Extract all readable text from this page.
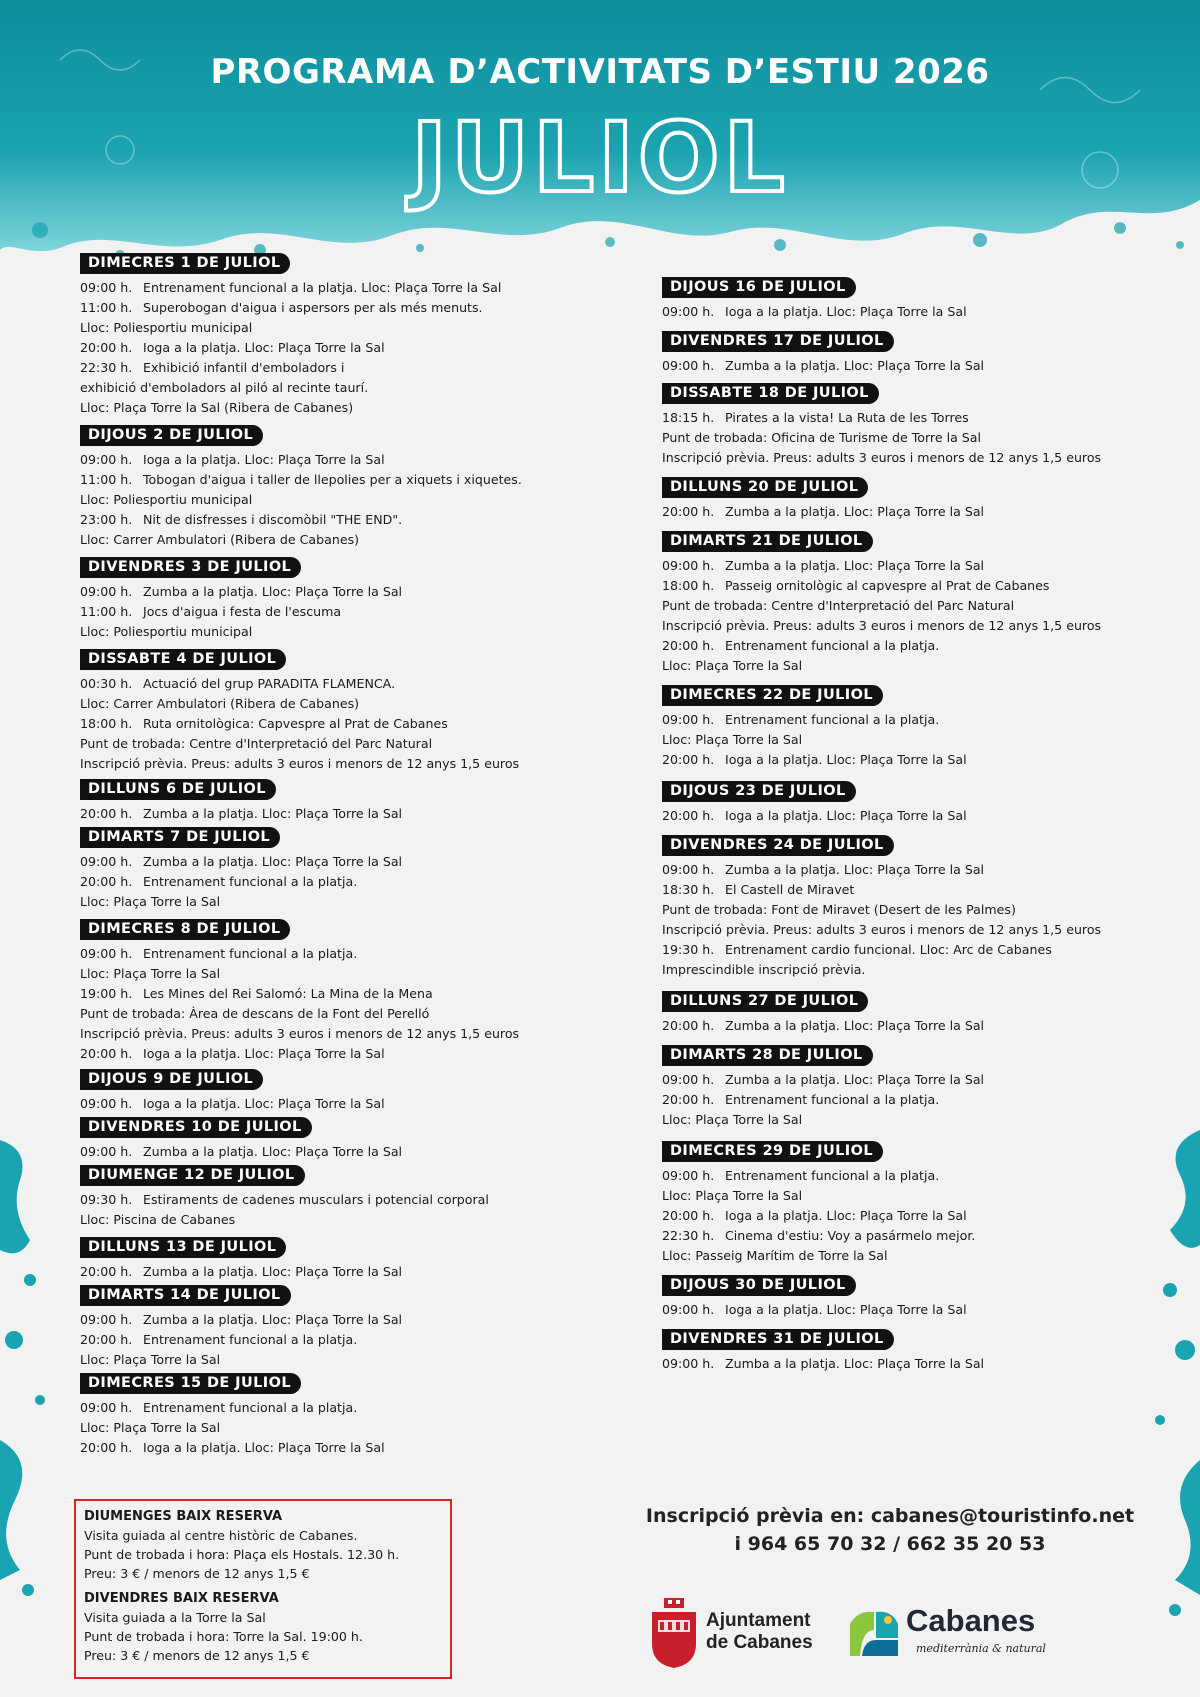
PROGRAMA D’ACTIVITATS D’ESTIU 2026
JULIOL
DIMECRES 1 DE JULIOL
09:00 h. Entrenament funcional a la platja. Lloc: Plaça Torre la Sal
11:00 h. Superobogan d'aigua i aspersors per als més menuts.
Lloc: Poliesportiu municipal
20:00 h. Ioga a la platja. Lloc: Plaça Torre la Sal
22:30 h. Exhibició infantil d'emboladors i
exhibició d'emboladors al piló al recinte taurí.
Lloc: Plaça Torre la Sal (Ribera de Cabanes)
DIJOUS 2 DE JULIOL
09:00 h. Ioga a la platja. Lloc: Plaça Torre la Sal
11:00 h. Tobogan d'aigua i taller de llepolies per a xiquets i xiquetes.
Lloc: Poliesportiu municipal
23:00 h. Nit de disfresses i discomòbil "THE END".
Lloc: Carrer Ambulatori (Ribera de Cabanes)
DIVENDRES 3 DE JULIOL
09:00 h. Zumba a la platja. Lloc: Plaça Torre la Sal
11:00 h. Jocs d'aigua i festa de l'escuma
Lloc: Poliesportiu municipal
DISSABTE 4 DE JULIOL
00:30 h. Actuació del grup PARADITA FLAMENCA.
Lloc: Carrer Ambulatori (Ribera de Cabanes)
18:00 h. Ruta ornitològica: Capvespre al Prat de Cabanes
Punt de trobada: Centre d'Interpretació del Parc Natural
Inscripció prèvia. Preus: adults 3 euros i menors de 12 anys 1,5 euros
DILLUNS 6 DE JULIOL
20:00 h. Zumba a la platja. Lloc: Plaça Torre la Sal
DIMARTS 7 DE JULIOL
09:00 h. Zumba a la platja. Lloc: Plaça Torre la Sal
20:00 h. Entrenament funcional a la platja.
Lloc: Plaça Torre la Sal
DIMECRES 8 DE JULIOL
09:00 h. Entrenament funcional a la platja.
Lloc: Plaça Torre la Sal
19:00 h. Les Mines del Rei Salomó: La Mina de la Mena
Punt de trobada: Àrea de descans de la Font del Perelló
Inscripció prèvia. Preus: adults 3 euros i menors de 12 anys 1,5 euros
20:00 h. Ioga a la platja. Lloc: Plaça Torre la Sal
DIJOUS 9 DE JULIOL
09:00 h. Ioga a la platja. Lloc: Plaça Torre la Sal
DIVENDRES 10 DE JULIOL
09:00 h. Zumba a la platja. Lloc: Plaça Torre la Sal
DIUMENGE 12 DE JULIOL
09:30 h. Estiraments de cadenes musculars i potencial corporal
Lloc: Piscina de Cabanes
DILLUNS 13 DE JULIOL
20:00 h. Zumba a la platja. Lloc: Plaça Torre la Sal
DIMARTS 14 DE JULIOL
09:00 h. Zumba a la platja. Lloc: Plaça Torre la Sal
20:00 h. Entrenament funcional a la platja.
Lloc: Plaça Torre la Sal
DIMECRES 15 DE JULIOL
09:00 h. Entrenament funcional a la platja.
Lloc: Plaça Torre la Sal
20:00 h. Ioga a la platja. Lloc: Plaça Torre la Sal
DIJOUS 16 DE JULIOL
09:00 h. Ioga a la platja. Lloc: Plaça Torre la Sal
DIVENDRES 17 DE JULIOL
09:00 h. Zumba a la platja. Lloc: Plaça Torre la Sal
DISSABTE 18 DE JULIOL
18:15 h. Pirates a la vista! La Ruta de les Torres
Punt de trobada: Oficina de Turisme de Torre la Sal
Inscripció prèvia. Preus: adults 3 euros i menors de 12 anys 1,5 euros
DILLUNS 20 DE JULIOL
20:00 h. Zumba a la platja. Lloc: Plaça Torre la Sal
DIMARTS 21 DE JULIOL
09:00 h. Zumba a la platja. Lloc: Plaça Torre la Sal
18:00 h. Passeig ornitològic al capvespre al Prat de Cabanes
Punt de trobada: Centre d'Interpretació del Parc Natural
Inscripció prèvia. Preus: adults 3 euros i menors de 12 anys 1,5 euros
20:00 h. Entrenament funcional a la platja.
Lloc: Plaça Torre la Sal
DIMECRES 22 DE JULIOL
09:00 h. Entrenament funcional a la platja.
Lloc: Plaça Torre la Sal
20:00 h. Ioga a la platja. Lloc: Plaça Torre la Sal
DIJOUS 23 DE JULIOL
20:00 h. Ioga a la platja. Lloc: Plaça Torre la Sal
DIVENDRES 24 DE JULIOL
09:00 h. Zumba a la platja. Lloc: Plaça Torre la Sal
18:30 h. El Castell de Miravet
Punt de trobada: Font de Miravet (Desert de les Palmes)
Inscripció prèvia. Preus: adults 3 euros i menors de 12 anys 1,5 euros
19:30 h. Entrenament cardio funcional. Lloc: Arc de Cabanes
Imprescindible inscripció prèvia.
DILLUNS 27 DE JULIOL
20:00 h. Zumba a la platja. Lloc: Plaça Torre la Sal
DIMARTS 28 DE JULIOL
09:00 h. Zumba a la platja. Lloc: Plaça Torre la Sal
20:00 h. Entrenament funcional a la platja.
Lloc: Plaça Torre la Sal
DIMECRES 29 DE JULIOL
09:00 h. Entrenament funcional a la platja.
Lloc: Plaça Torre la Sal
20:00 h. Ioga a la platja. Lloc: Plaça Torre la Sal
22:30 h. Cinema d'estiu: Voy a pasármelo mejor.
Lloc: Passeig Marítim de Torre la Sal
DIJOUS 30 DE JULIOL
09:00 h. Ioga a la platja. Lloc: Plaça Torre la Sal
DIVENDRES 31 DE JULIOL
09:00 h. Zumba a la platja. Lloc: Plaça Torre la Sal
DIUMENGES BAIX RESERVA
Visita guiada al centre històric de Cabanes.
Punt de trobada i hora: Plaça els Hostals. 12.30 h.
Preu: 3 € / menors de 12 anys 1,5 €
DIVENDRES BAIX RESERVA
Visita guiada a la Torre la Sal
Punt de trobada i hora: Torre la Sal. 19:00 h.
Preu: 3 € / menors de 12 anys 1,5 €
Inscripció prèvia en: cabanes@touristinfo.net
i 964 65 70 32 / 662 35 20 53
Ajuntament
de Cabanes
Cabanes
mediterrània & natural
